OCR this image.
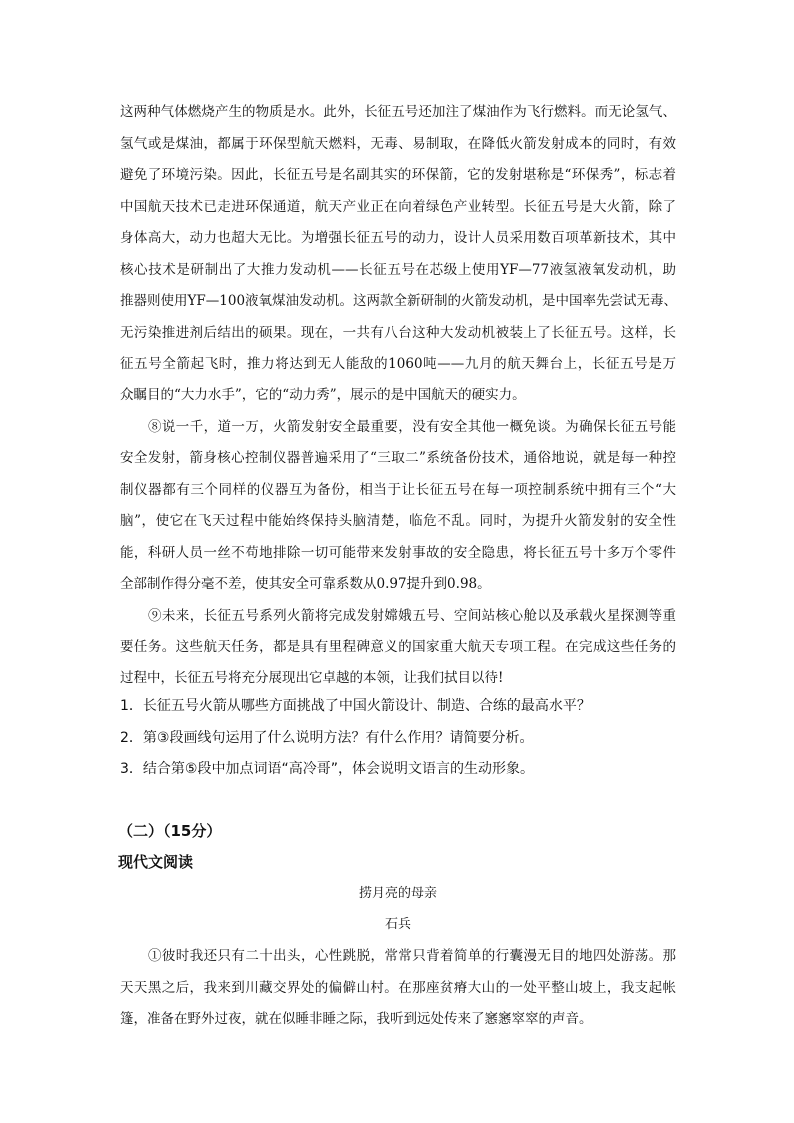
这两种气体燃烧产生的物质是水。此外，长征五号还加注了煤油作为飞行燃料。而无论氢气、
氢气或是煤油，都属于环保型航天燃料，无毒、易制取，在降低火箭发射成本的同时，有效
避免了环境污染。因此，长征五号是名副其实的环保箭，它的发射堪称是“环保秀”，标志着
中国航天技术已走进环保通道，航天产业正在向着绿色产业转型。长征五号是大火箭，除了
身体高大，动力也超大无比。为增强长征五号的动力，设计人员采用数百项革新技术，其中
核心技术是研制出了大推力发动机——长征五号在芯级上使用YF—77液氢液氧发动机，助
推器则使用YF—100液氧煤油发动机。这两款全新研制的火箭发动机，是中国率先尝试无毒、
无污染推进剂后结出的硕果。现在，一共有八台这种大发动机被装上了长征五号。这样，长
征五号全箭起飞时，推力将达到无人能敌的1060吨——九月的航天舞台上，长征五号是万
众瞩目的“大力水手”，它的“动力秀”，展示的是中国航天的硬实力。
⑧说一千，道一万，火箭发射安全最重要，没有安全其他一概免谈。为确保长征五号能
安全发射，箭身核心控制仪器普遍采用了“三取二”系统备份技术，通俗地说，就是每一种控
制仪器都有三个同样的仪器互为备份，相当于让长征五号在每一项控制系统中拥有三个“大
脑”，使它在飞天过程中能始终保持头脑清楚，临危不乱。同时，为提升火箭发射的安全性
能，科研人员一丝不苟地排除一切可能带来发射事故的安全隐患，将长征五号十多万个零件
全部制作得分毫不差，使其安全可靠系数从0.97提升到0.98。
⑨未来，长征五号系列火箭将完成发射嫦娥五号、空间站核心舱以及承载火星探测等重
要任务。这些航天任务，都是具有里程碑意义的国家重大航天专项工程。在完成这些任务的
过程中，长征五号将充分展现出它卓越的本领，让我们拭目以待!
1．长征五号火箭从哪些方面挑战了中国火箭设计、制造、合练的最高水平？
2．第③段画线句运用了什么说明方法？有什么作用？请简要分析。
3．结合第⑤段中加点词语“高冷哥”，体会说明文语言的生动形象。
（二）（15分）
现代文阅读
捞月亮的母亲
石兵
①彼时我还只有二十出头，心性跳脱，常常只背着简单的行囊漫无目的地四处游荡。那
天天黑之后，我来到川藏交界处的偏僻山村。在那座贫瘠大山的一处平整山坡上，我支起帐
篷，准备在野外过夜，就在似睡非睡之际，我听到远处传来了窸窸窣窣的声音。
